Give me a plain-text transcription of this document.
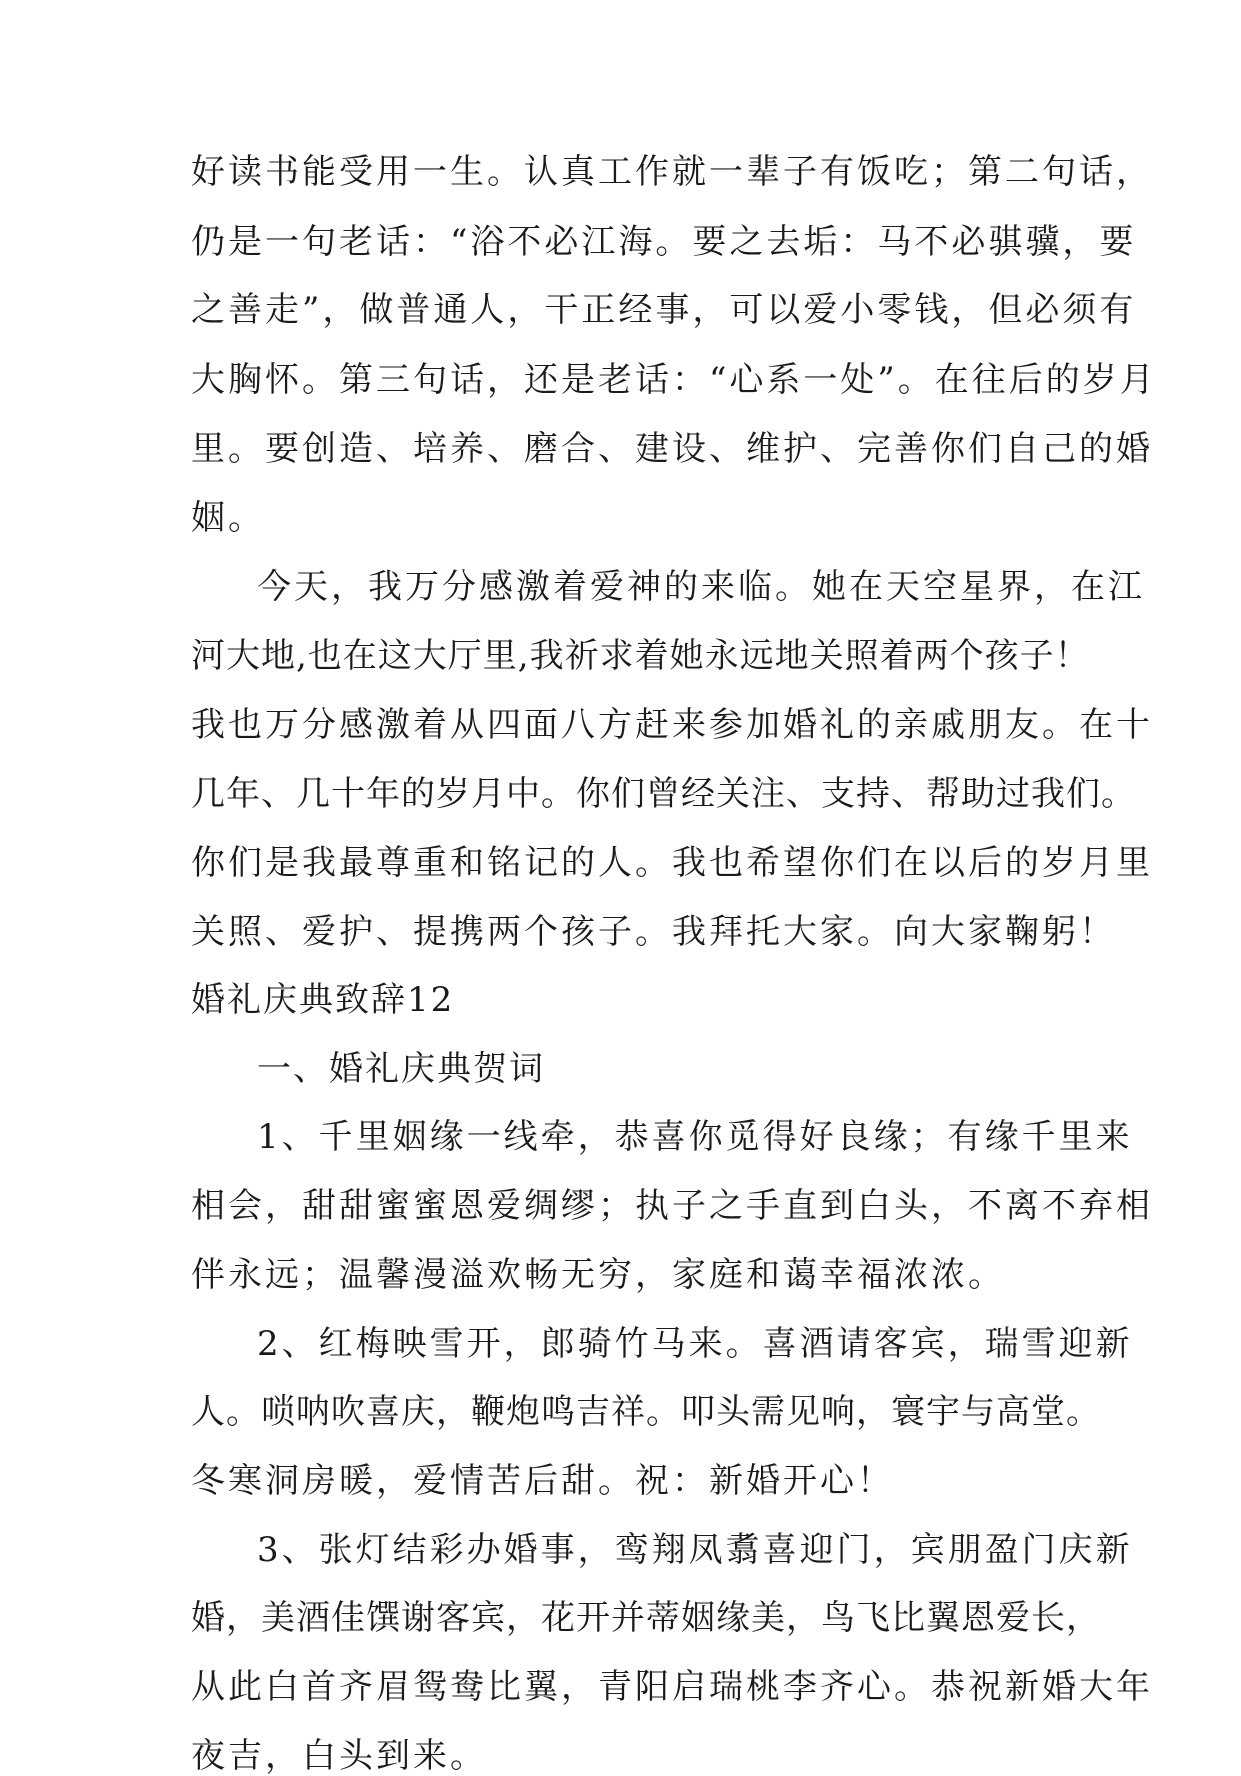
好读书能受用一生。认真工作就一辈子有饭吃；第二句话，

仍是一句老话：“浴不必江海。要之去垢：马不必骐骥，要

之善走”，做普通人，干正经事，可以爱小零钱，但必须有

大胸怀。第三句话，还是老话：“心系一处”。在往后的岁月

里。要创造、培养、磨合、建设、维护、完善你们自己的婚

姻。

今天，我万分感激着爱神的来临。她在天空星界，在江

河大地,也在这大厅里,我祈求着她永远地关照着两个孩子！

我也万分感激着从四面八方赶来参加婚礼的亲戚朋友。在十

几年、几十年的岁月中。你们曾经关注、支持、帮助过我们。

你们是我最尊重和铭记的人。我也希望你们在以后的岁月里

关照、爱护、提携两个孩子。我拜托大家。向大家鞠躬！

婚礼庆典致辞12

一、婚礼庆典贺词

1、千里姻缘一线牵，恭喜你觅得好良缘；有缘千里来

相会，甜甜蜜蜜恩爱绸缪；执子之手直到白头，不离不弃相

伴永远；温馨漫溢欢畅无穷，家庭和蔼幸福浓浓。

2、红梅映雪开，郎骑竹马来。喜酒请客宾，瑞雪迎新

人。唢呐吹喜庆，鞭炮鸣吉祥。叩头需见响，寰宇与高堂。

冬寒洞房暖，爱情苦后甜。祝：新婚开心！

3、张灯结彩办婚事，鸾翔凤翥喜迎门，宾朋盈门庆新

婚，美酒佳馔谢客宾，花开并蒂姻缘美，鸟飞比翼恩爱长，

从此白首齐眉鸳鸯比翼，青阳启瑞桃李齐心。恭祝新婚大年

夜吉，白头到来。
